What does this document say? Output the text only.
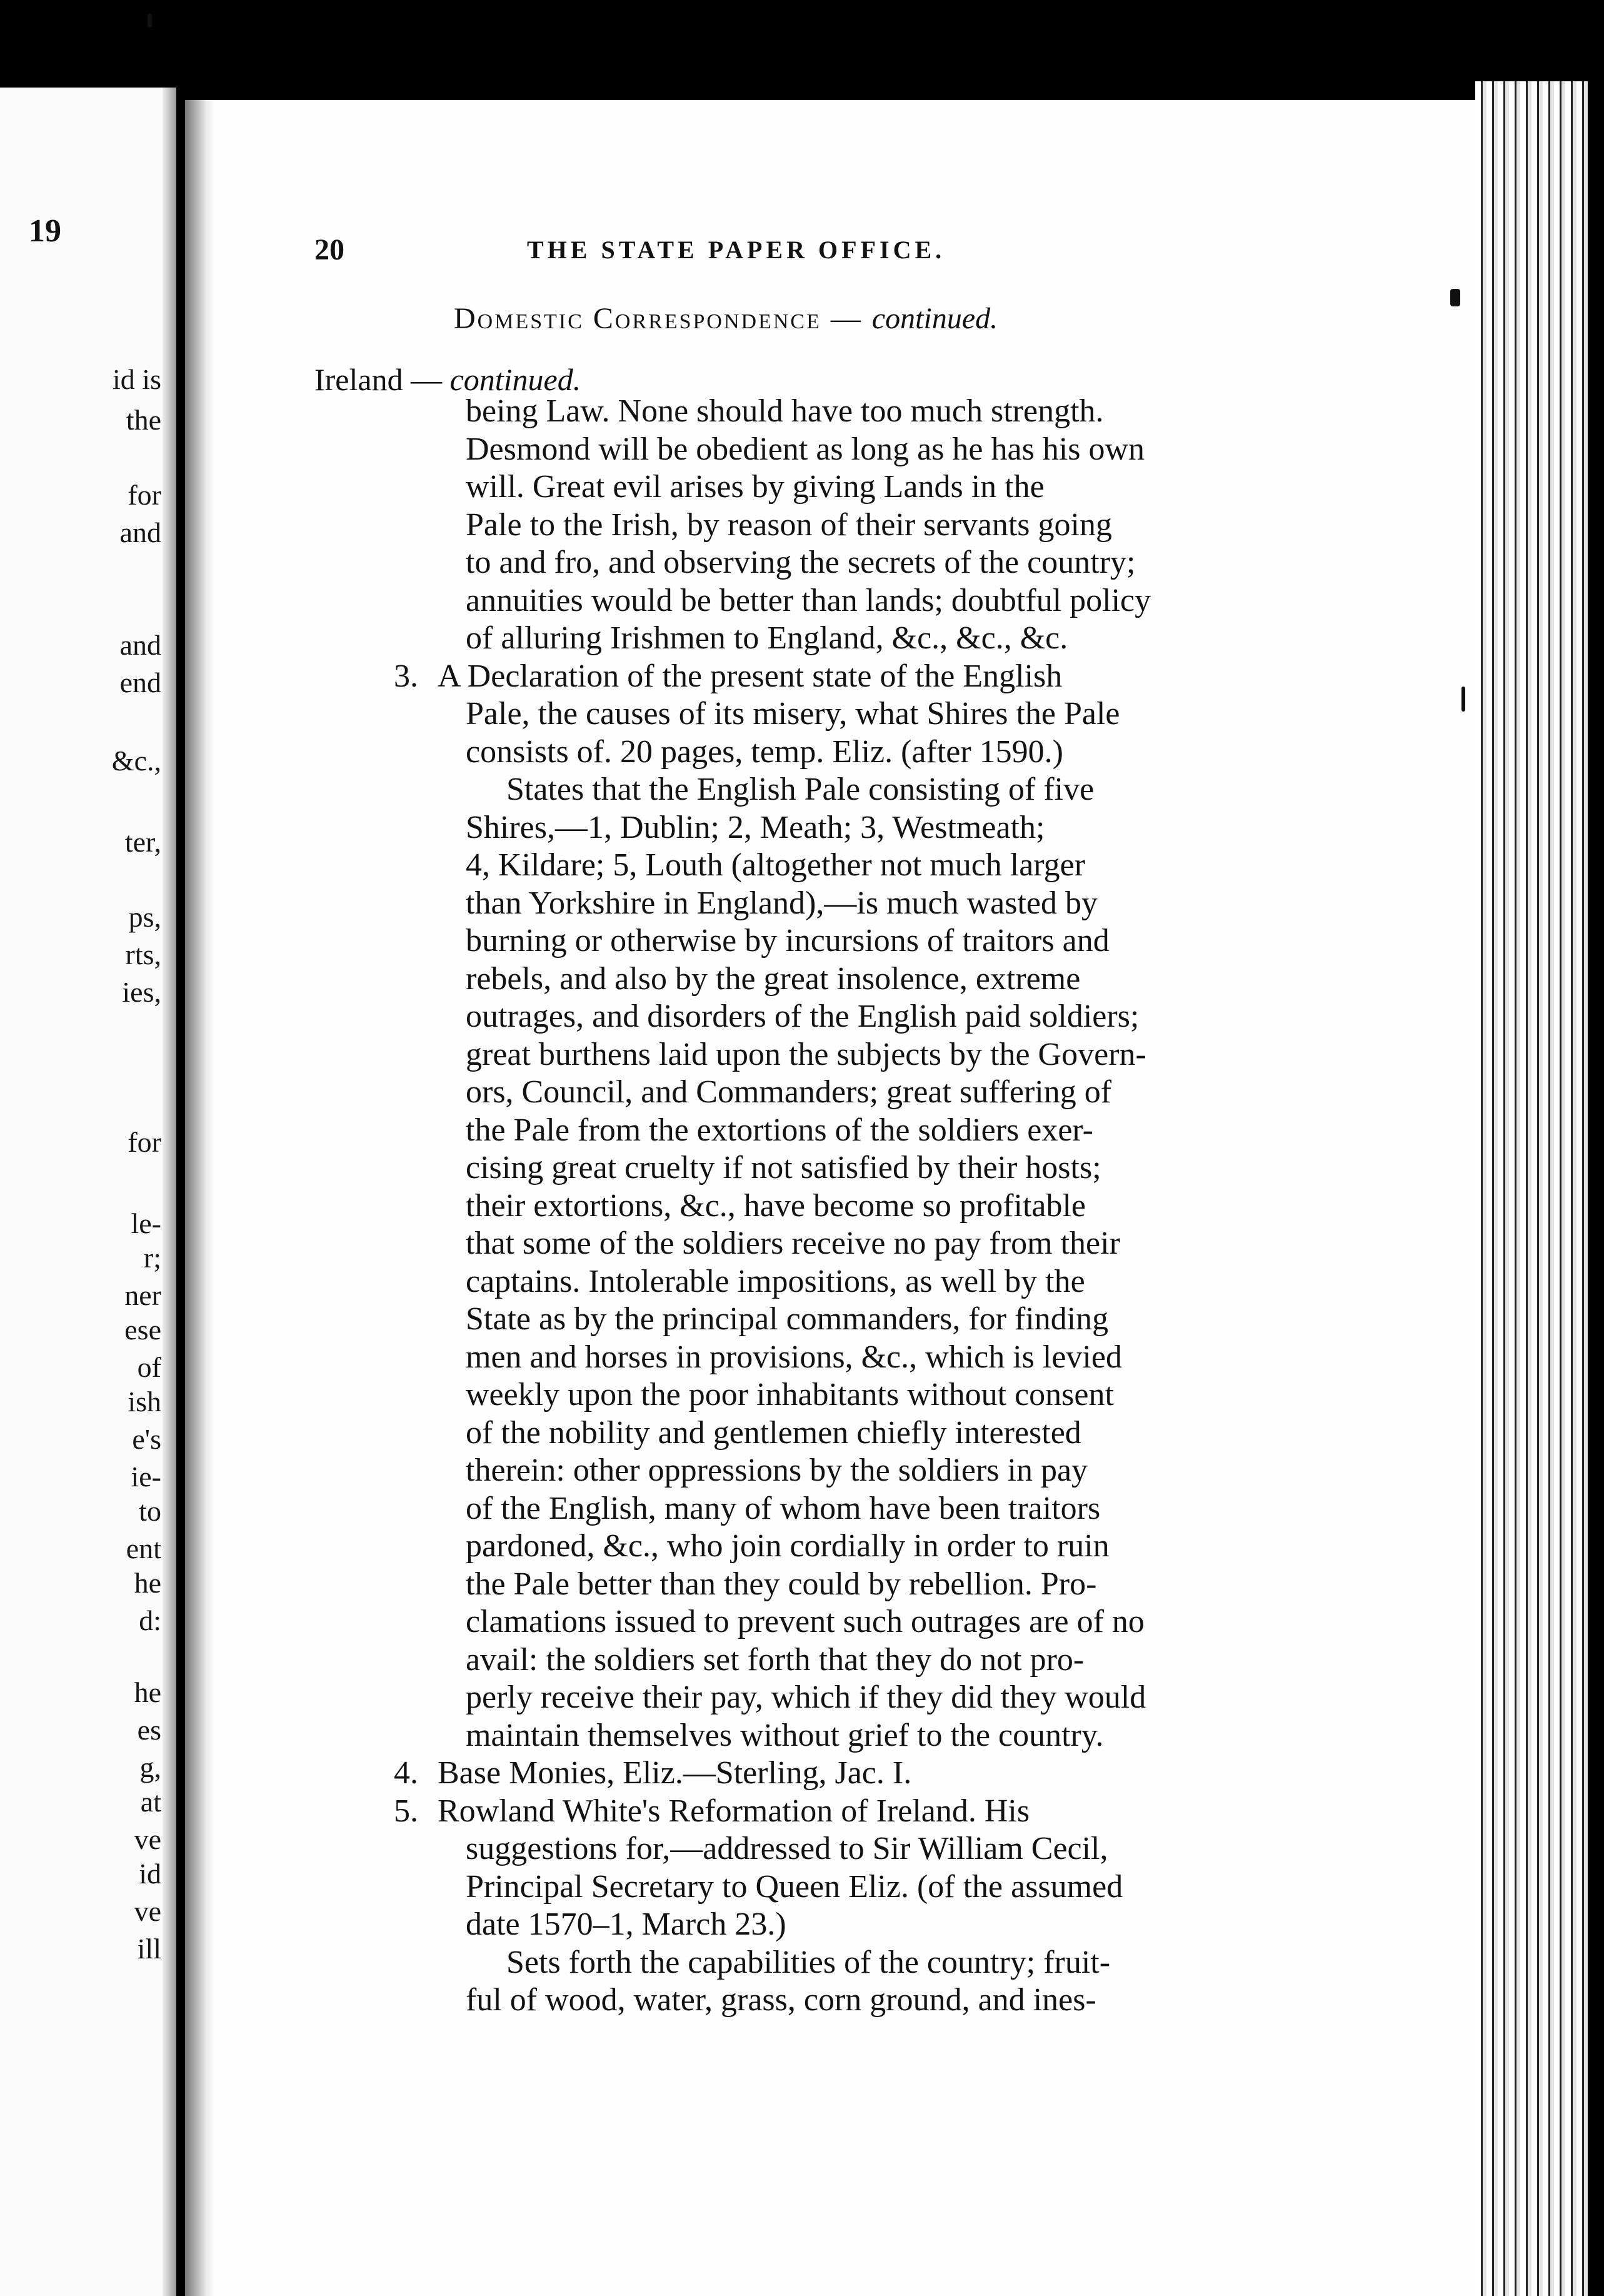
19
id is
the
for
and
and
end
&c.,
ter,
ps,
rts,
ies,
for
le-
r;
ner
ese
of
ish
e's
ie-
to
ent
he
d:
he
es
g,
at
ve
id
ve
ill
20	THE STATE PAPER OFFICE.
Domestic Correspondence — continued.
Ireland — continued.
being Law. None should have too much strength.
Desmond will be obedient as long as he has his own
will. Great evil arises by giving Lands in the
Pale to the Irish, by reason of their servants going
to and fro, and observing the secrets of the country;
annuities would be better than lands; doubtful policy
of alluring Irishmen to England, &c., &c., &c.
A Declaration of the present state of the English
Pale, the causes of its misery, what Shires the Pale
consists of. 20 pages, temp. Eliz. (after 1590.)
States that the English Pale consisting of five
Shires,—1, Dublin; 2, Meath; 3, Westmeath;
4, Kildare; 5, Louth (altogether not much larger
than Yorkshire in England),—is much wasted by
burning or otherwise by incursions of traitors and
rebels, and also by the great insolence, extreme
outrages, and disorders of the English paid soldiers;
great burthens laid upon the subjects by the Govern-
ors, Council, and Commanders; great suffering of
the Pale from the extortions of the soldiers exer-
cising great cruelty if not satisfied by their hosts;
their extortions, &c., have become so profitable
that some of the soldiers receive no pay from their
captains. Intolerable impositions, as well by the
State as by the principal commanders, for finding
men and horses in provisions, &c., which is levied
weekly upon the poor inhabitants without consent
of the nobility and gentlemen chiefly interested
therein: other oppressions by the soldiers in pay
of the English, many of whom have been traitors
pardoned, &c., who join cordially in order to ruin
the Pale better than they could by rebellion. Pro-
clamations issued to prevent such outrages are of no
avail: the soldiers set forth that they do not pro-
perly receive their pay, which if they did they would
maintain themselves without grief to the country.
Base Monies, Eliz.—Sterling, Jac. I.
Rowland White's Reformation of Ireland. His
suggestions for,—addressed to Sir William Cecil,
Principal Secretary to Queen Eliz. (of the assumed
date 1570–1, March 23.)
Sets forth the capabilities of the country; fruit-
ful of wood, water, grass, corn ground, and ines-
3.
4.
5.
